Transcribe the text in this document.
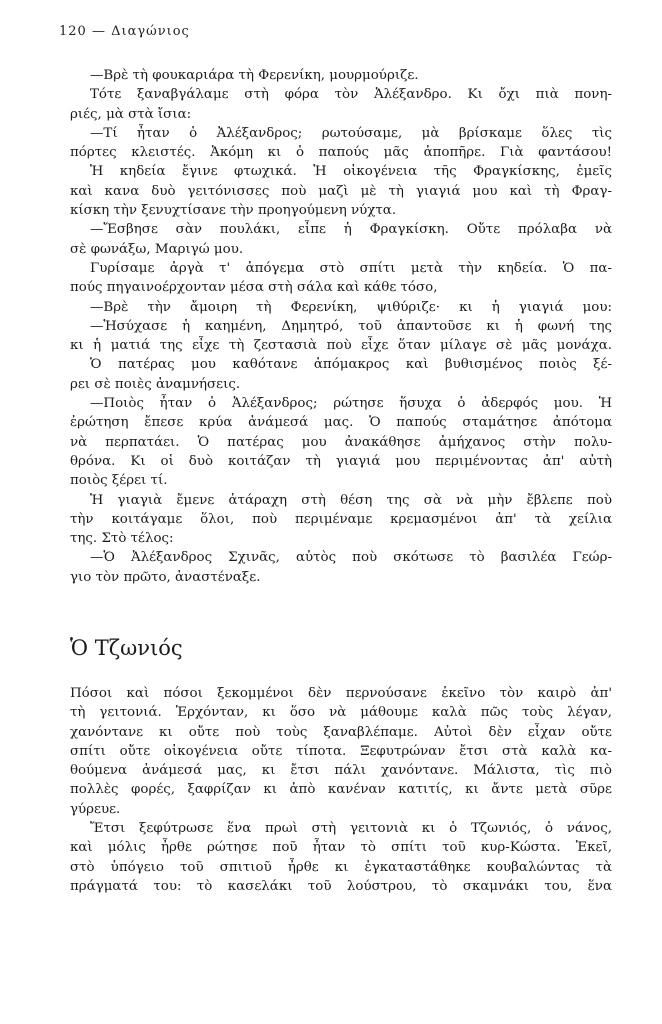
120 — Διαγώνιος
—Βρὲ τὴ φουκαριάρα τὴ Φερενίκη, μουρμούριζε.
Τότε ξαναβγάλαμε στὴ φόρα τὸν Ἀλέξανδρο. Κι ὄχι πιὰ πονη-
ριές, μὰ στὰ ἴσια:
—Τί ἦταν ὁ Ἀλέξανδρος; ρωτούσαμε, μὰ βρίσκαμε ὅλες τὶς
πόρτες κλειστές. Ἀκόμη κι ὁ παπούς μᾶς ἀποπῆρε. Γιὰ φαντάσου!
Ἡ κηδεία ἔγινε φτωχικά. Ἡ οἰκογένεια τῆς Φραγκίσκης, ἐμεῖς
καὶ κανα δυὸ γειτόνισσες ποὺ μαζὶ μὲ τὴ γιαγιά μου καὶ τὴ Φραγ-
κίσκη τὴν ξενυχτίσανε τὴν προηγούμενη νύχτα.
—Ἔσβησε σὰν πουλάκι, εἶπε ἡ Φραγκίσκη. Οὔτε πρόλαβα νὰ
σὲ φωνάξω, Μαριγώ μου.
Γυρίσαμε ἀργὰ τ' ἀπόγεμα στὸ σπίτι μετὰ τὴν κηδεία. Ὁ πα-
πούς πηγαινοέρχονταν μέσα στὴ σάλα καὶ κάθε τόσο,
—Βρὲ τὴν ἄμοιρη τὴ Φερενίκη, ψιθύριζε· κι ἡ γιαγιά μου:
—Ἡσύχασε ἡ καημένη, Δημητρό, τοῦ ἀπαντοῦσε κι ἡ φωνή της
κι ἡ ματιά της εἶχε τὴ ζεστασιὰ ποὺ εἶχε ὅταν μίλαγε σὲ μᾶς μονάχα.
Ὁ πατέρας μου καθότανε ἀπόμακρος καὶ βυθισμένος ποιὸς ξέ-
ρει σὲ ποιὲς ἀναμνήσεις.
—Ποιὸς ἦταν ὁ Ἀλέξανδρος; ρώτησε ἥσυχα ὁ ἀδερφός μου. Ἡ
ἐρώτηση ἔπεσε κρύα ἀνάμεσά μας. Ὁ παπούς σταμάτησε ἀπότομα
νὰ περπατάει. Ὁ πατέρας μου ἀνακάθησε ἀμήχανος στὴν πολυ-
θρόνα. Κι οἱ δυὸ κοιτάζαν τὴ γιαγιά μου περιμένοντας ἀπ' αὐτὴ
ποιὸς ξέρει τί.
Ἡ γιαγιὰ ἔμενε ἀτάραχη στὴ θέση της σὰ νὰ μὴν ἔβλεπε ποὺ
τὴν κοιτάγαμε ὅλοι, ποὺ περιμέναμε κρεμασμένοι ἀπ' τὰ χείλια
της. Στὸ τέλος:
—Ὁ Ἀλέξανδρος Σχινᾶς, αὐτὸς ποὺ σκότωσε τὸ βασιλέα Γεώρ-
γιο τὸν πρῶτο, ἀναστέναξε.
Ὁ Τζωνιός
Πόσοι καὶ πόσοι ξεκομμένοι δὲν περνούσανε ἐκεῖνο τὸν καιρὸ ἀπ'
τὴ γειτονιά. Ἐρχόνταν, κι ὅσο νὰ μάθουμε καλὰ πῶς τοὺς λέγαν,
χανόντανε κι οὔτε ποὺ τοὺς ξαναβλέπαμε. Αὐτοὶ δὲν εἶχαν οὔτε
σπίτι οὔτε οἰκογένεια οὔτε τίποτα. Ξεφυτρώναν ἔτσι στὰ καλὰ κα-
θούμενα ἀνάμεσά μας, κι ἔτσι πάλι χανόντανε. Μάλιστα, τὶς πιὸ
πολλὲς φορές, ξαφρίζαν κι ἀπὸ κανέναν κατιτίς, κι ἄντε μετὰ σῦρε
γύρευε.
Ἔτσι ξεφύτρωσε ἕνα πρωὶ στὴ γειτονιὰ κι ὁ Τζωνιός, ὁ νάνος,
καὶ μόλις ἦρθε ρώτησε ποῦ ἦταν τὸ σπίτι τοῦ κυρ-Κώστα. Ἐκεῖ,
στὸ ὑπόγειο τοῦ σπιτιοῦ ἦρθε κι ἐγκαταστάθηκε κουβαλώντας τὰ
πράγματά του: τὸ κασελάκι τοῦ λούστρου, τὸ σκαμνάκι του, ἕνα
